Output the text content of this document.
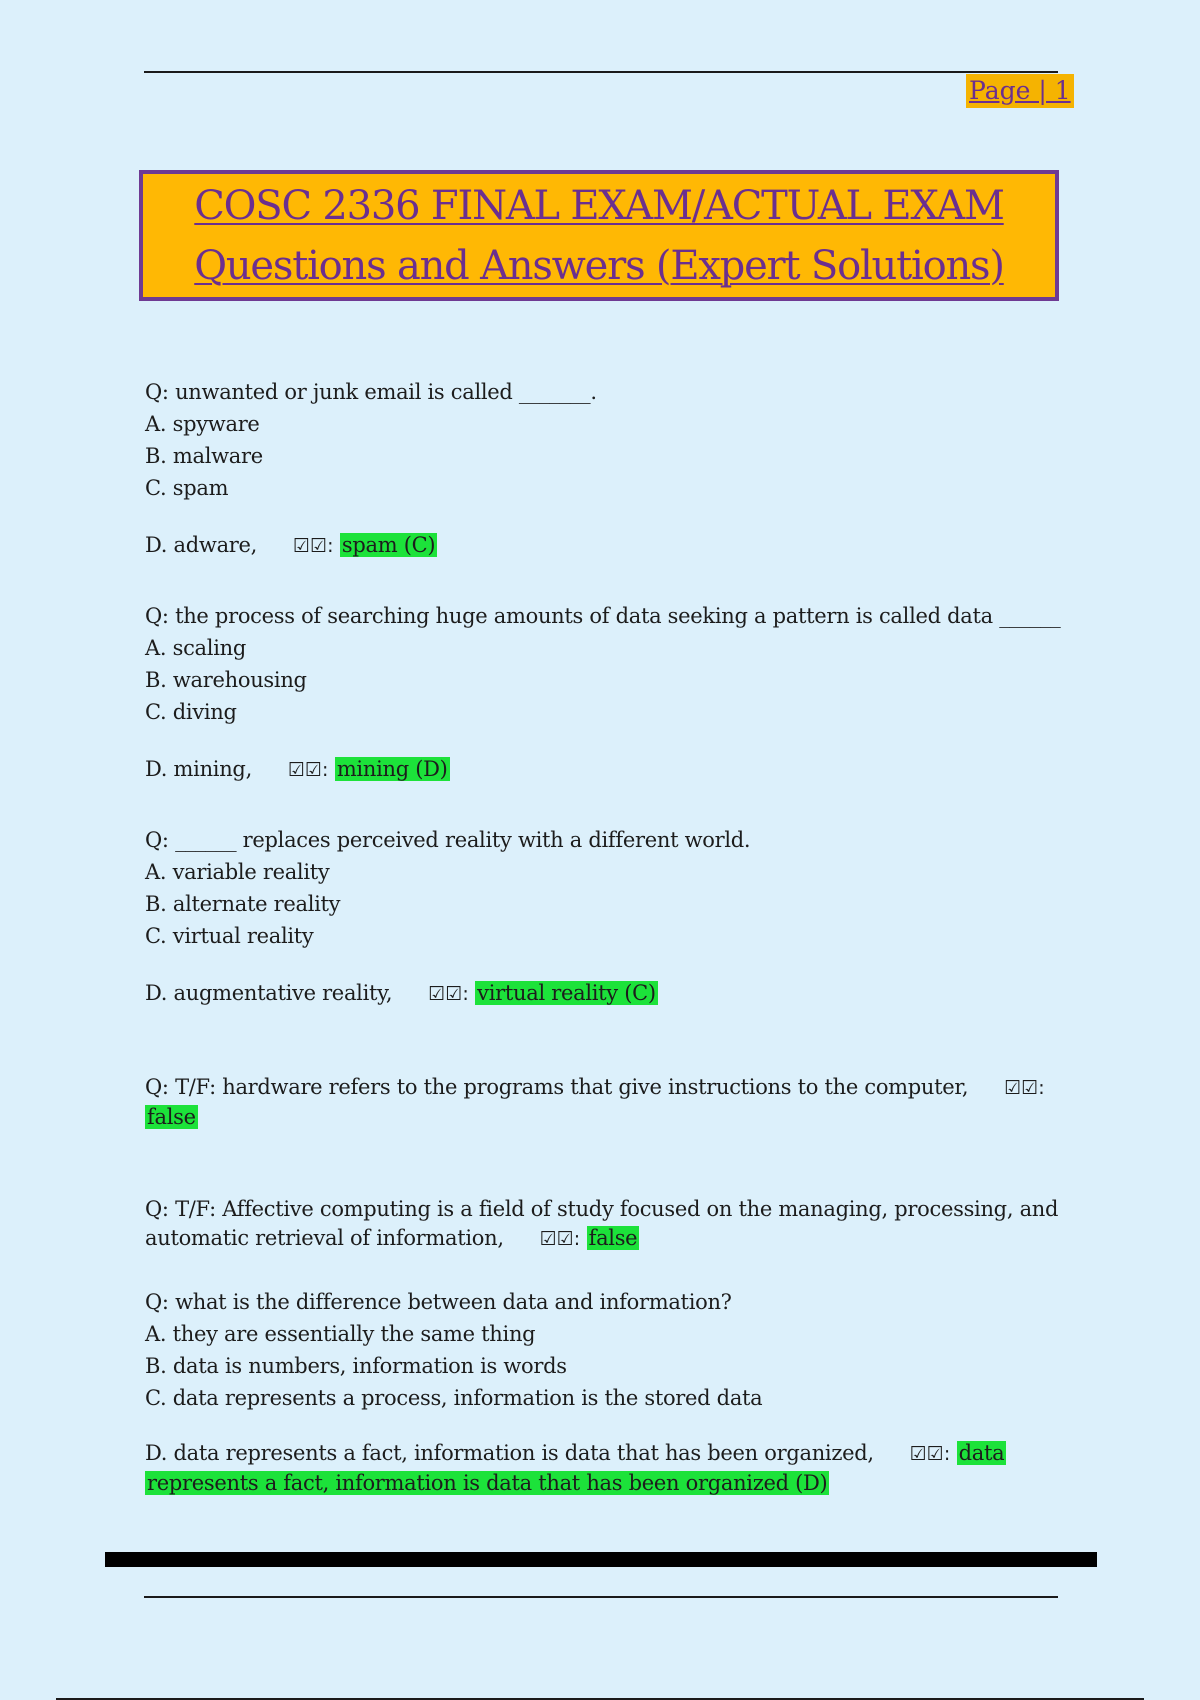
Page | 1
COSC 2336 FINAL EXAM/ACTUAL EXAM
Questions and Answers (Expert Solutions)
Q: unwanted or junk email is called _______.
A. spyware
B. malware
C. spam
D. adware, ☑☑: spam (C)
Q: the process of searching huge amounts of data seeking a pattern is called data ______
A. scaling
B. warehousing
C. diving
D. mining, ☑☑: mining (D)
Q: ______ replaces perceived reality with a different world.
A. variable reality
B. alternate reality
C. virtual reality
D. augmentative reality, ☑☑: virtual reality (C)
Q: T/F: hardware refers to the programs that give instructions to the computer, ☑☑:
false
Q: T/F: Affective computing is a field of study focused on the managing, processing, and
automatic retrieval of information, ☑☑: false
Q: what is the difference between data and information?
A. they are essentially the same thing
B. data is numbers, information is words
C. data represents a process, information is the stored data
D. data represents a fact, information is data that has been organized, ☑☑: data
represents a fact, information is data that has been organized (D)
